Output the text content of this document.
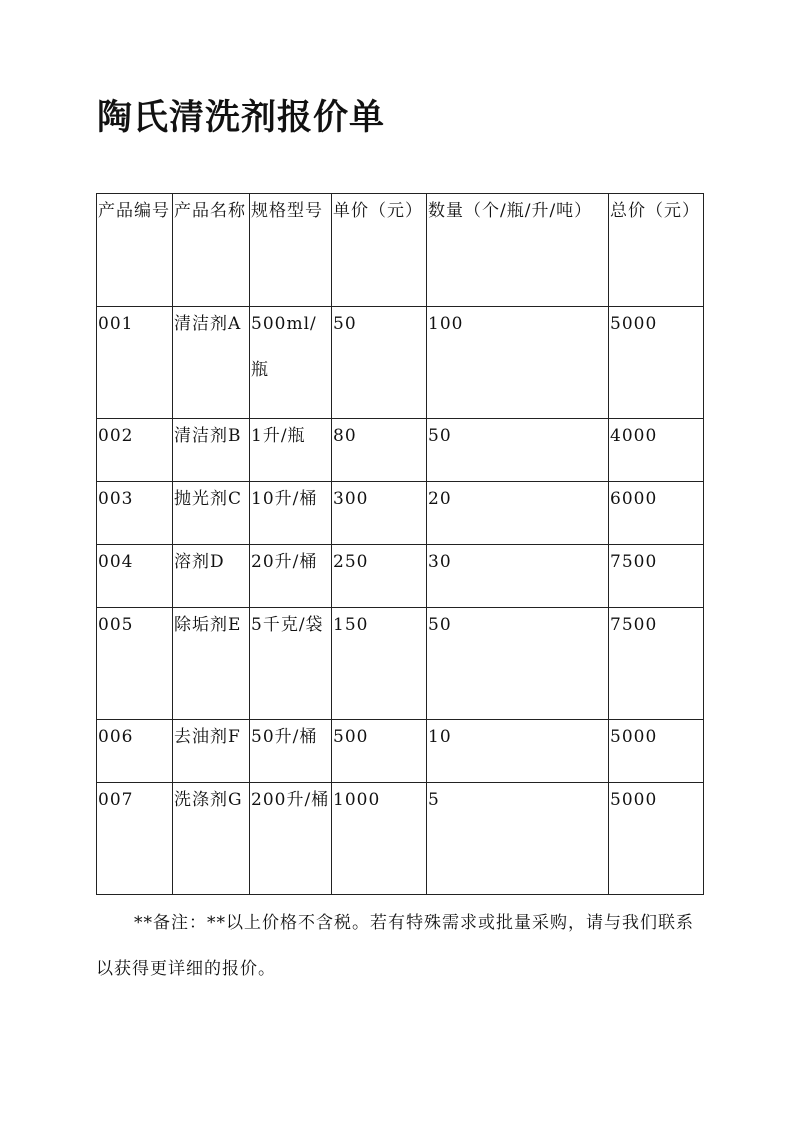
陶氏清洗剂报价单
产品编号	产品名称	规格型号	单价（元）	数量（个/瓶/升/吨）	总价（元）

001	清洁剂A	500ml/瓶	50	100	5000

002	清洁剂B	1升/瓶	80	50	4000

003	抛光剂C	10升/桶	300	20	6000

004	溶剂D	20升/桶	250	30	7500

005	除垢剂E	5千克/袋	150	50	7500

006	去油剂F	50升/桶	500	10	5000

007	洗涤剂G	200升/桶	1000	5	5000

**备注：**以上价格不含税。若有特殊需求或批量采购，请与我们联系以获得更详细的报价。
